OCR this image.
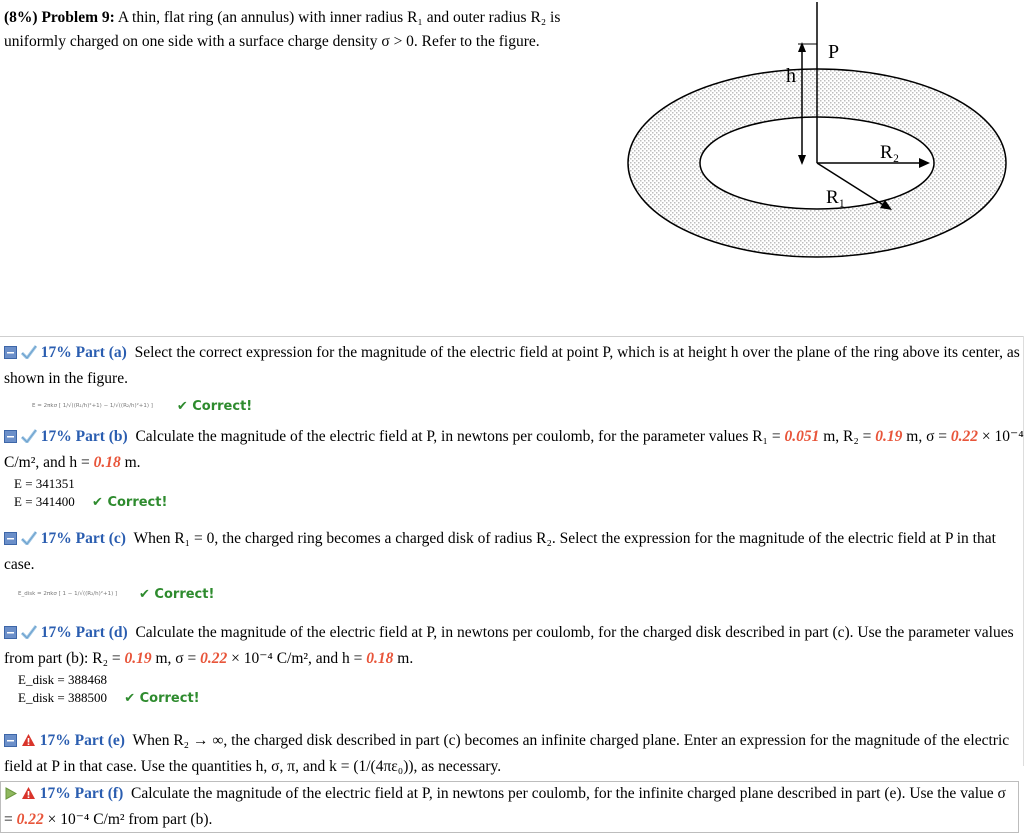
(8%) Problem 9: A thin, flat ring (an annulus) with inner radius R₁ and outer radius R₂ is uniformly charged on one side with a surface charge density σ > 0. Refer to the figure.	P
h
R₂
R₁
17% Part (a) Select the correct expression for the magnitude of the electric field at point P, which is at height h over the plane of the ring above its center, as shown in the figure.
E = 2πkσ [ 1/√((R₁/h)²+1) − 1/√((R₂/h)²+1) ] ✔ Correct!
17% Part (b) Calculate the magnitude of the electric field at P, in newtons per coulomb, for the parameter values R₁ = 0.051 m, R₂ = 0.19 m, σ = 0.22 × 10⁻⁴ C/m², and h = 0.18 m.
E = 341351
E = 341400 ✔ Correct!
17% Part (c) When R₁ = 0, the charged ring becomes a charged disk of radius R₂. Select the expression for the magnitude of the electric field at P in that case.
E_disk = 2πkσ [ 1 − 1/√((R₂/h)²+1) ] ✔ Correct!
17% Part (d) Calculate the magnitude of the electric field at P, in newtons per coulomb, for the charged disk described in part (c). Use the parameter values from part (b): R₂ = 0.19 m, σ = 0.22 × 10⁻⁴ C/m², and h = 0.18 m.
E_disk = 388468
E_disk = 388500 ✔ Correct!
17% Part (e) When R₂ → ∞, the charged disk described in part (c) becomes an infinite charged plane. Enter an expression for the magnitude of the electric field at P in that case. Use the quantities h, σ, π, and k = (1/(4πε₀)), as necessary.
17% Part (f) Calculate the magnitude of the electric field at P, in newtons per coulomb, for the infinite charged plane described in part (e). Use the value σ = 0.22 × 10⁻⁴ C/m² from part (b).
